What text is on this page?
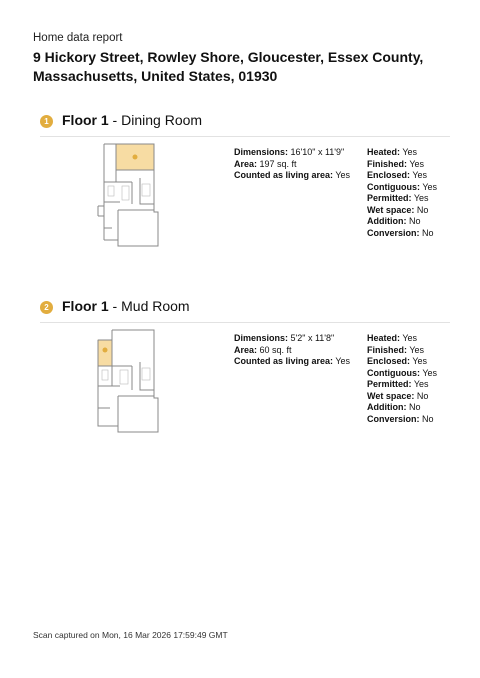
Home data report
9 Hickory Street, Rowley Shore, Gloucester, Essex County, Massachusetts, United States, 01930
1 Floor 1 - Dining Room
Dimensions: 16'10" x 11'9"
Area: 197 sq. ft
Counted as living area: Yes
Heated: Yes
Finished: Yes
Enclosed: Yes
Contiguous: Yes
Permitted: Yes
Wet space: No
Addition: No
Conversion: No
2 Floor 1 - Mud Room
Dimensions: 5'2" x 11'8"
Area: 60 sq. ft
Counted as living area: Yes
Heated: Yes
Finished: Yes
Enclosed: Yes
Contiguous: Yes
Permitted: Yes
Wet space: No
Addition: No
Conversion: No
Scan captured on Mon, 16 Mar 2026 17:59:49 GMT
